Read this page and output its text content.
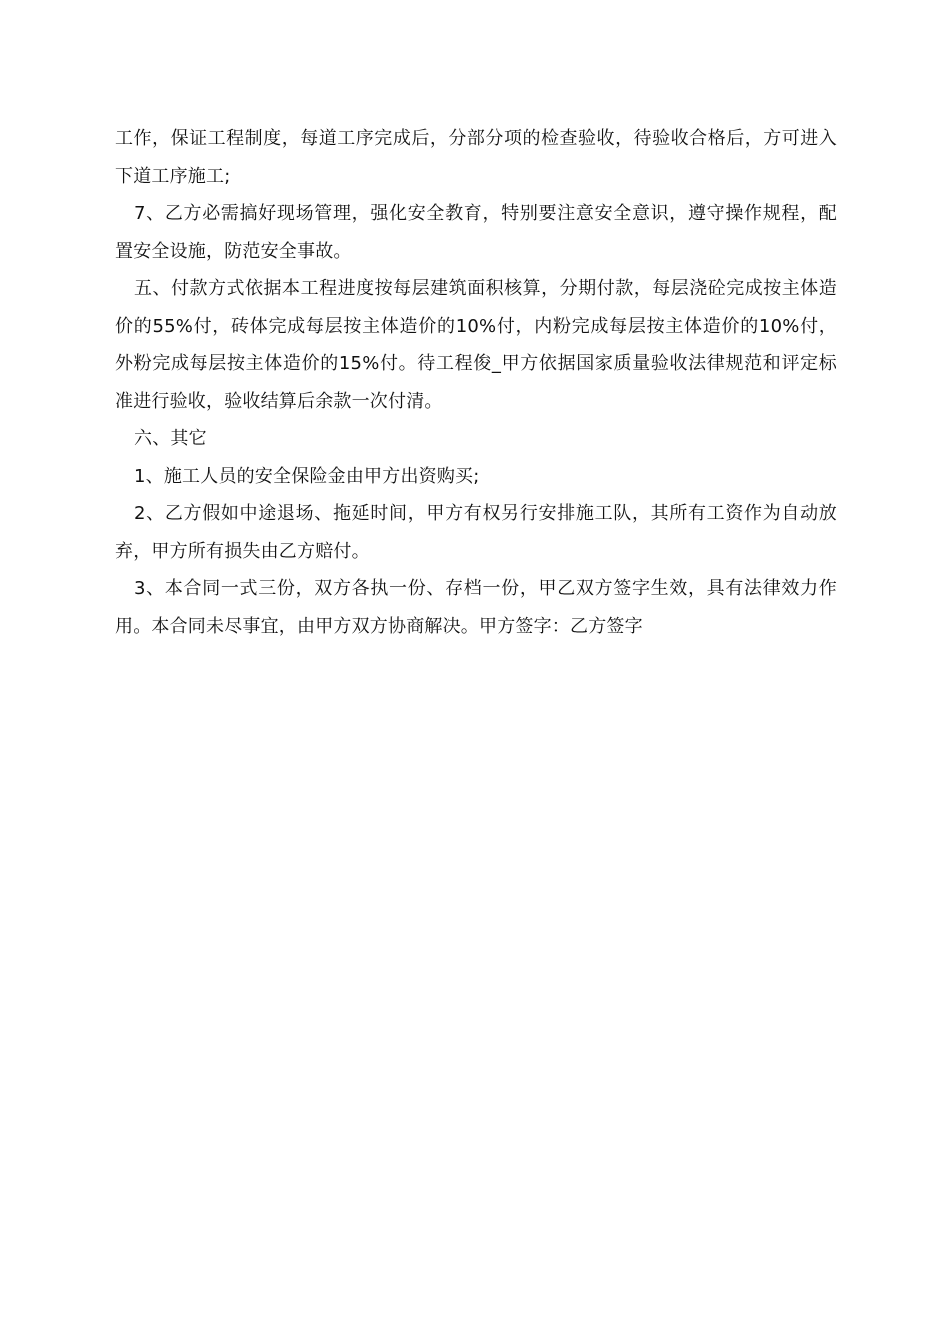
工作，保证工程制度，每道工序完成后，分部分项的检查验收，待验收合格后，方可进入下道工序施工;

7、乙方必需搞好现场管理，强化安全教育，特别要注意安全意识，遵守操作规程，配置安全设施，防范安全事故。

五、付款方式依据本工程进度按每层建筑面积核算，分期付款，每层浇砼完成按主体造价的55%付，砖体完成每层按主体造价的10%付，内粉完成每层按主体造价的10%付，外粉完成每层按主体造价的15%付。待工程俊_甲方依据国家质量验收法律规范和评定标准进行验收，验收结算后余款一次付清。

六、其它

1、施工人员的安全保险金由甲方出资购买;

2、乙方假如中途退场、拖延时间，甲方有权另行安排施工队，其所有工资作为自动放弃，甲方所有损失由乙方赔付。

3、本合同一式三份，双方各执一份、存档一份，甲乙双方签字生效，具有法律效力作用。本合同未尽事宜，由甲方双方协商解决。甲方签字：乙方签字
